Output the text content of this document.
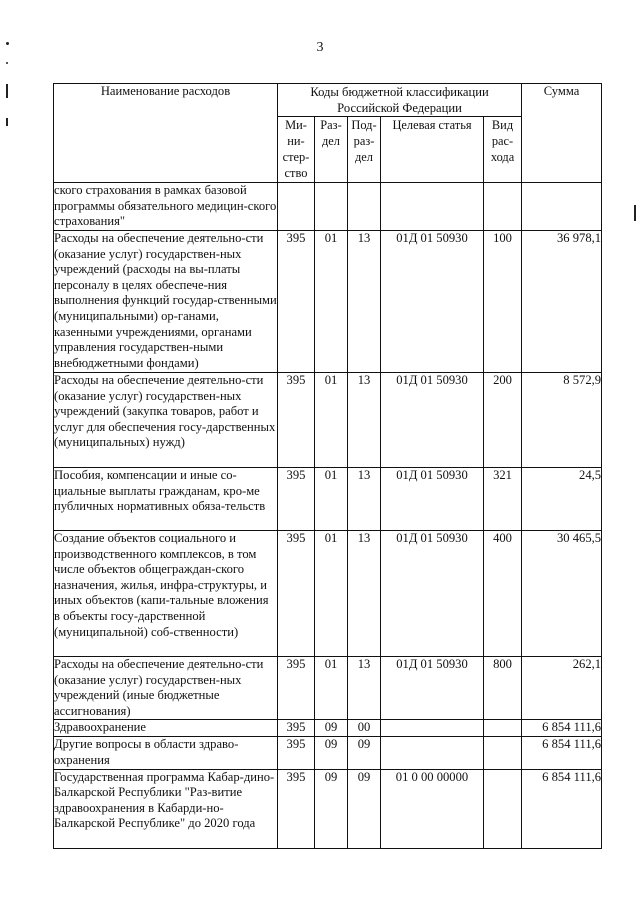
3
Наименование расходов	Коды бюджетной классификации Российской Федерации					Сумма
	Ми-ни-стер-ство	Раз-дел	Под-раз-дел	Целевая статья	Вид рас-хода	
ского страхования в рамках базовой программы обязательного медицин-ского страхования"						
Расходы на обеспечение деятельно-сти (оказание услуг) государствен-ных учреждений (расходы на вы-платы персоналу в целях обеспече-ния выполнения функций государ-ственными (муниципальными) ор-ганами, казенными учреждениями, органами управления государствен-ными внебюджетными фондами)	395	01	13	01Д 01 50930	100	36 978,1
Расходы на обеспечение деятельно-сти (оказание услуг) государствен-ных учреждений (закупка товаров, работ и услуг для обеспечения госу-дарственных (муниципальных) нужд)	395	01	13	01Д 01 50930	200	8 572,9
Пособия, компенсации и иные со-циальные выплаты гражданам, кро-ме публичных нормативных обяза-тельств	395	01	13	01Д 01 50930	321	24,5
Создание объектов социального и производственного комплексов, в том числе объектов общеграждан-ского назначения, жилья, инфра-структуры, и иных объектов (капи-тальные вложения в объекты госу-дарственной (муниципальной) соб-ственности)	395	01	13	01Д 01 50930	400	30 465,5
Расходы на обеспечение деятельно-сти (оказание услуг) государствен-ных учреждений (иные бюджетные ассигнования)	395	01	13	01Д 01 50930	800	262,1
Здравоохранение	395	09	00			6 854 111,6
Другие вопросы в области здраво-охранения	395	09	09			6 854 111,6
Государственная программа Кабар-дино-Балкарской Республики "Раз-витие здравоохранения в Кабарди-но-Балкарской Республике" до 2020 года	395	09	09	01 0 00 00000		6 854 111,6
